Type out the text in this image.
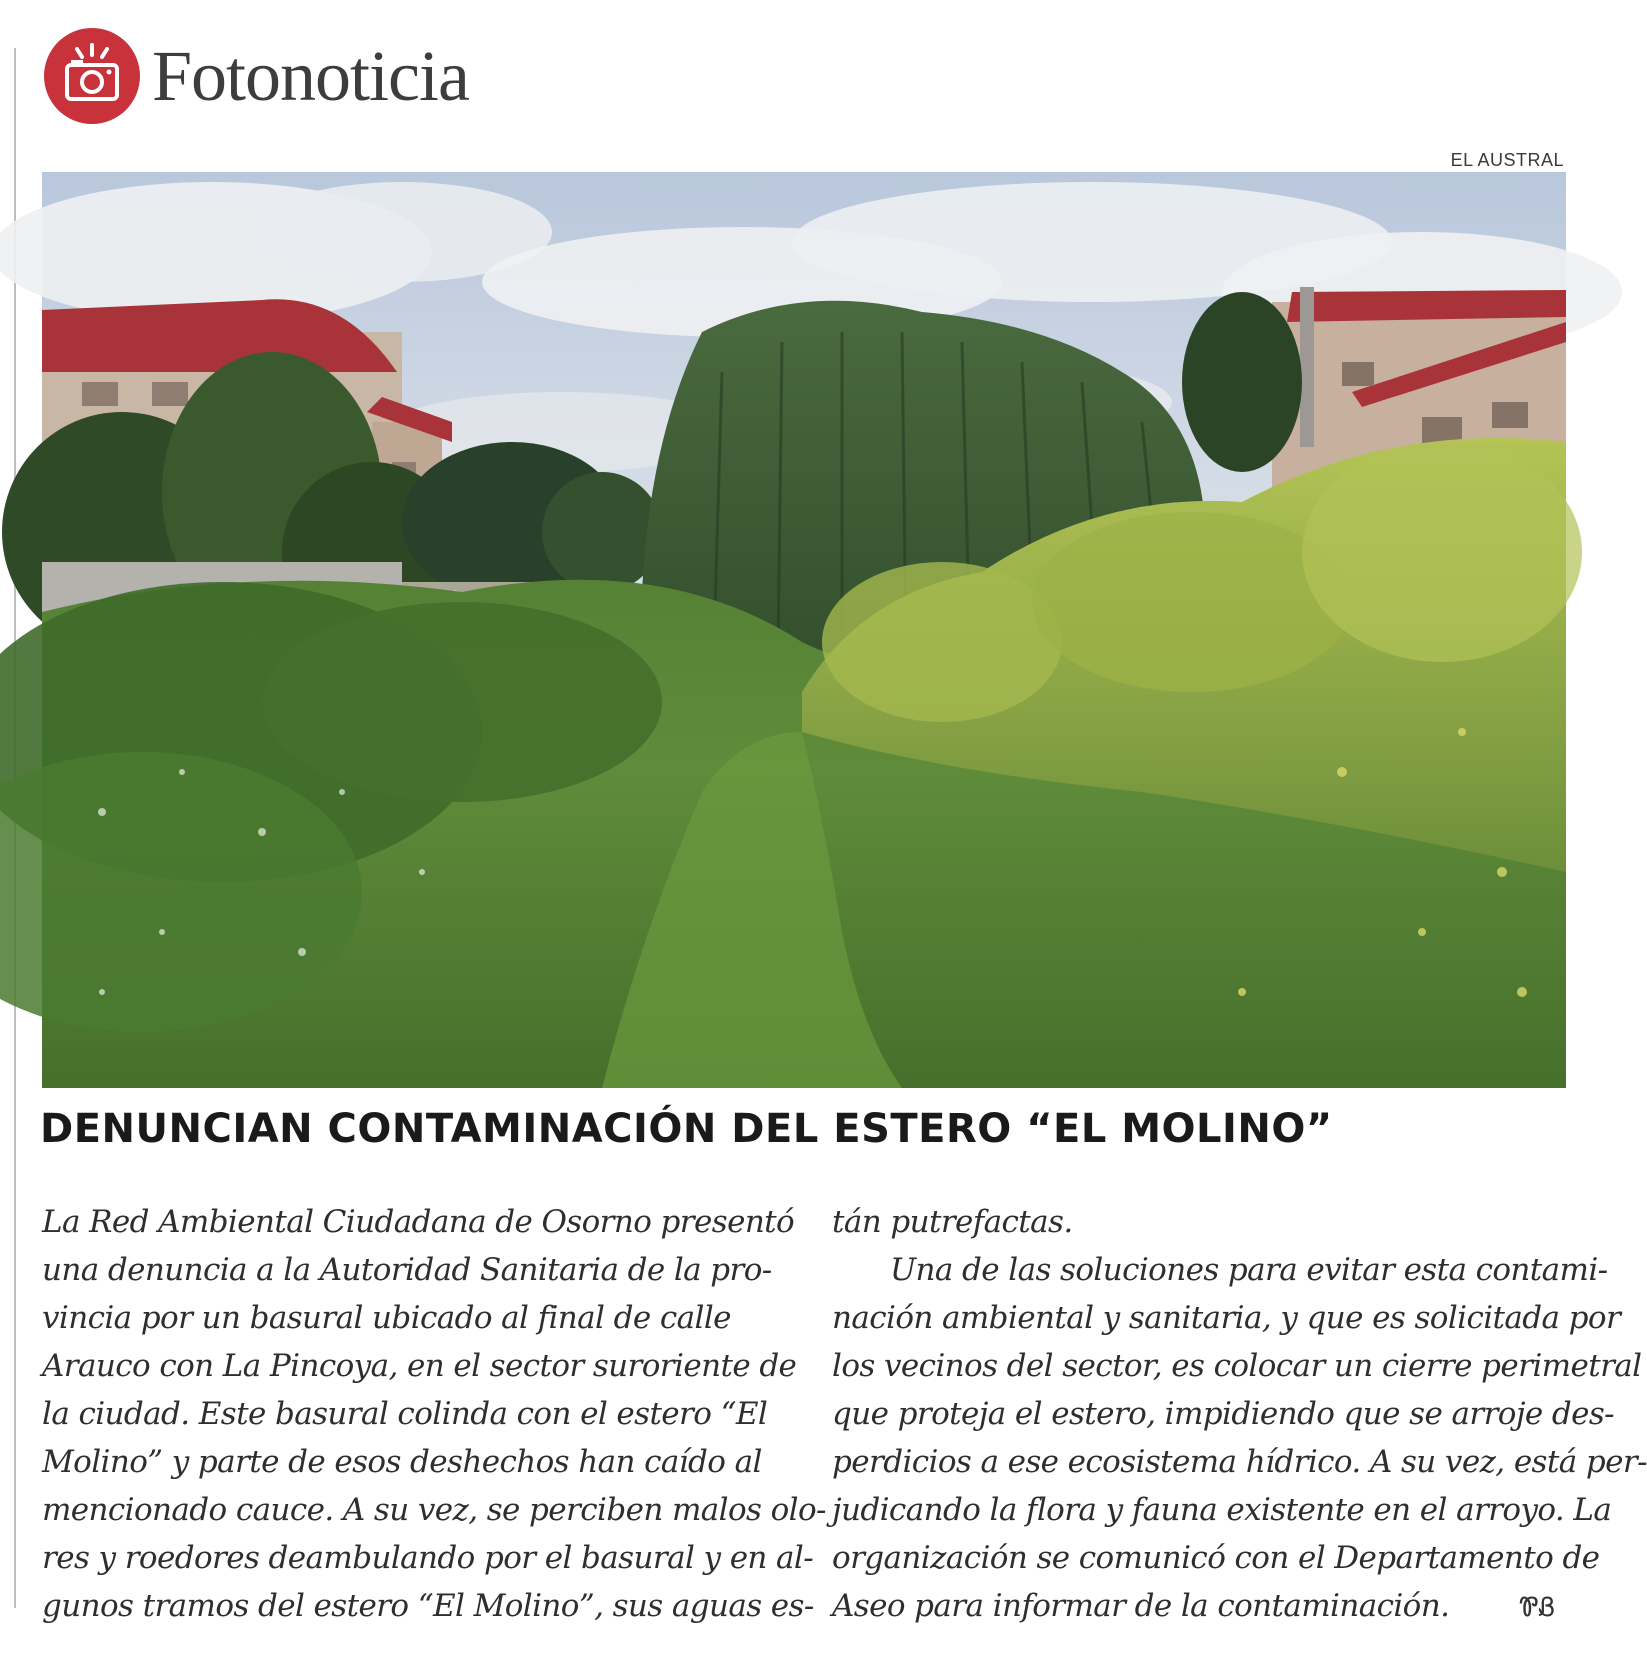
Fotonoticia
EL AUSTRAL
DENUNCIAN CONTAMINACIÓN DEL ESTERO “EL MOLINO”
La Red Ambiental Ciudadana de Osorno presentó
una denuncia a la Autoridad Sanitaria de la pro-
vincia por un basural ubicado al final de calle
Arauco con La Pincoya, en el sector suroriente de
la ciudad. Este basural colinda con el estero “El
Molino” y parte de esos deshechos han caído al
mencionado cauce. A su vez, se perciben malos olo-
res y roedores deambulando por el basural y en al-
gunos tramos del estero “El Molino”, sus aguas es-
tán putrefactas.
Una de las soluciones para evitar esta contami-
nación ambiental y sanitaria, y que es solicitada por
los vecinos del sector, es colocar un cierre perimetral
que proteja el estero, impidiendo que se arroje des-
perdicios a ese ecosistema hídrico. A su vez, está per-
judicando la flora y fauna existente en el arroyo. La
organización se comunicó con el Departamento de
Aseo para informar de la contaminación.	ᏈᏰ
